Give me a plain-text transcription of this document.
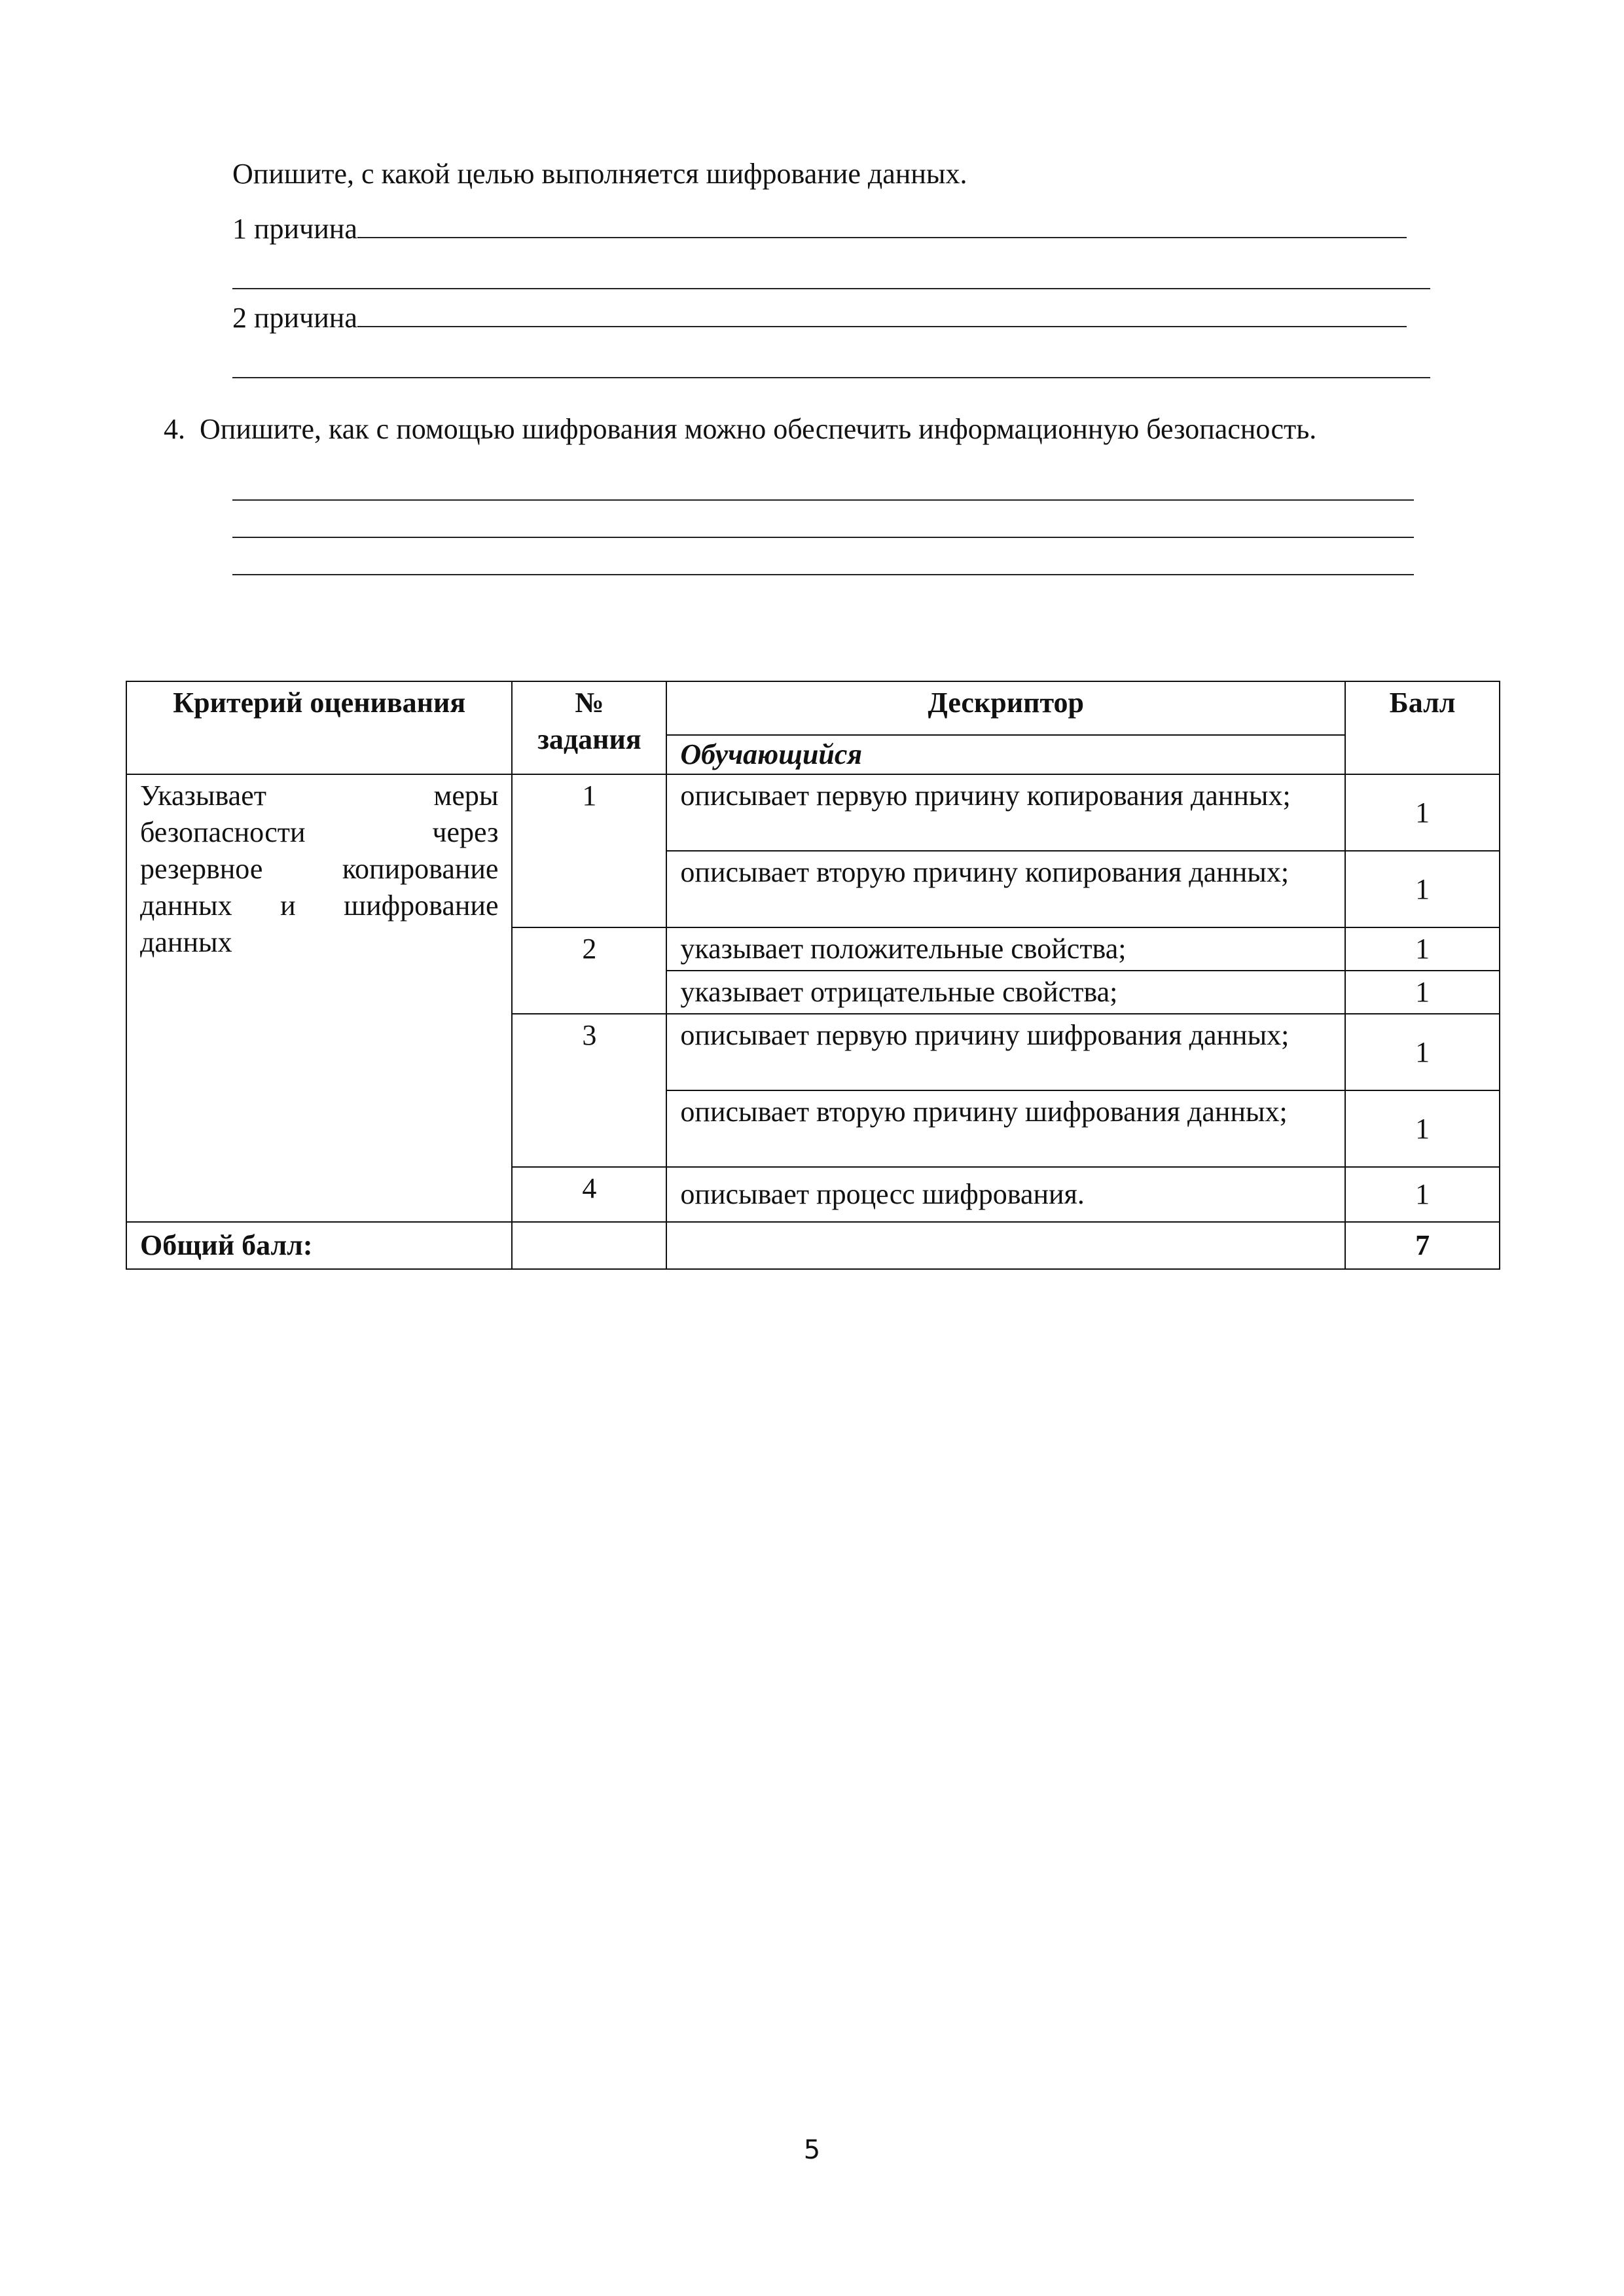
Опишите, с какой целью выполняется шифрование данных.
1 причина
2 причина
4. Опишите, как с помощью шифрования можно обеспечить информационную безопасность.
Критерий оценивания	№ задания	Дескриптор	Балл
		Обучающийся	
Указывает меры безопасности через резервное копирование данных и шифрование данных	1	описывает первую причину копирования данных;	1
		описывает вторую причину копирования данных;	1
	2	указывает положительные свойства;	1
		указывает отрицательные свойства;	1
	3	описывает первую причину шифрования данных;	1
		описывает вторую причину шифрования данных;	1
	4	описывает процесс шифрования.	1
Общий балл:			7
5
